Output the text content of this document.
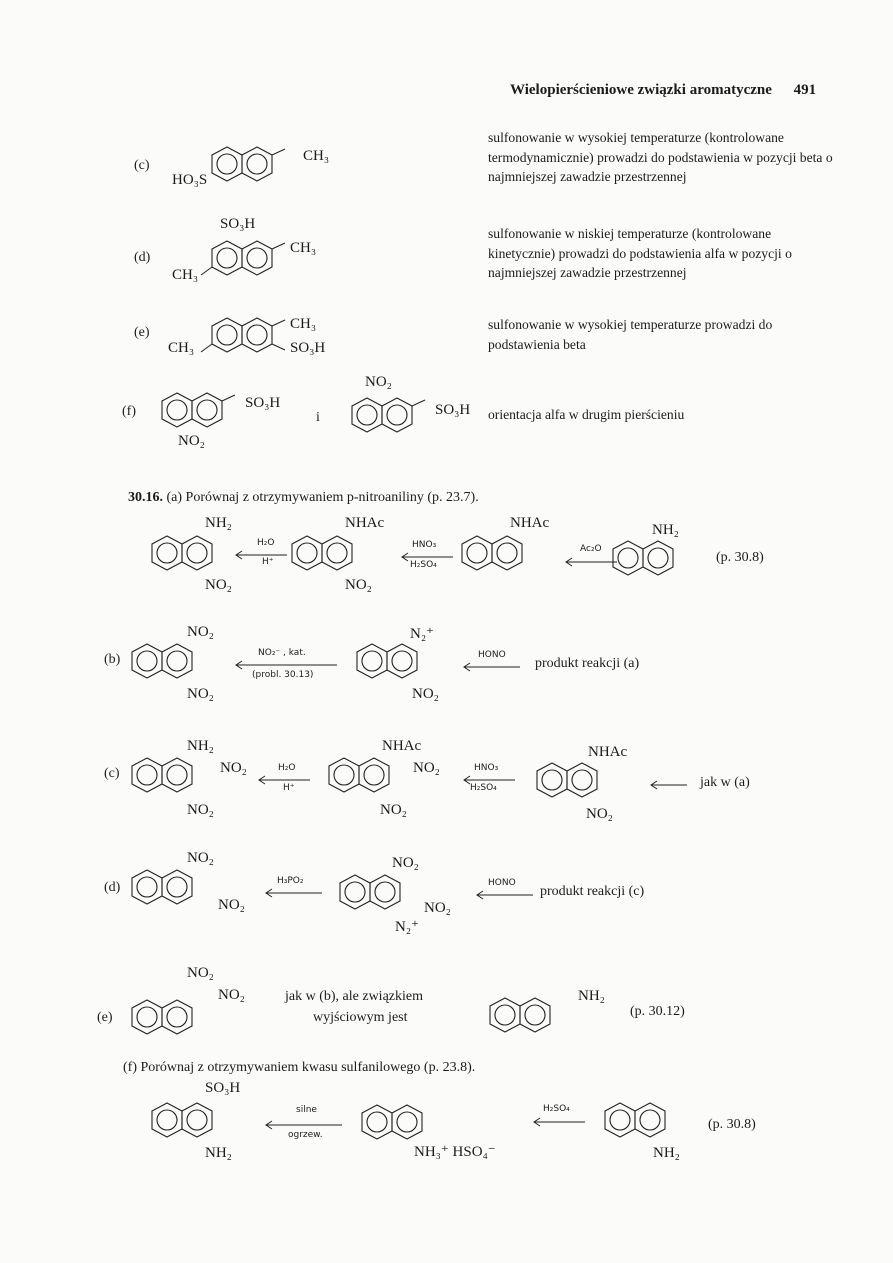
Wielopierścieniowe związki aromatyczne 491
(c)
CH₃
HO₃S
sulfonowanie w wysokiej temperaturze (kontrolowane termodynamicznie) prowadzi do podstawienia w pozycji beta o najmniejszej zawadzie przestrzennej
SO₃H
(d)
CH₃
CH₃
sulfonowanie w niskiej temperaturze (kontrolowane kinetycznie) prowadzi do podstawienia alfa w pozycji o najmniejszej zawadzie przestrzennej
(e)
CH₃
CH₃	SO₃H
sulfonowanie w wysokiej temperaturze prowadzi do podstawienia beta
(f)
SO₃H
NO₂
i
NO₂
SO₃H orientacja alfa w drugim pierścieniu
30.16. (a) Porównaj z otrzymywaniem p-nitroaniliny (p. 23.7).
NH₂
NO₂
H₂O
H⁺
NHAc
NO₂
HNO₃
H₂SO₄
NHAc
Ac₂O
NH₂
(p. 30.8)
(b)
NO₂
NO₂
NO₂⁻ , kat.
(probl. 30.13)
N₂⁺
NO₂
HONO
produkt reakcji (a)
(c)
NH₂
NO₂
NO₂
H₂O
H⁺
NHAc
NO₂
NO₂
HNO₃
H₂SO₄
NHAc
NO₂
jak w (a)
(d)
NO₂
NO₂
H₃PO₂
NO₂
NO₂
N₂⁺
HONO
produkt reakcji (c)
(e)
NO₂
NO₂	jak w (b), ale związkiem
wyjściowym jest
NH₂
(p. 30.12)
(f) Porównaj z otrzymywaniem kwasu sulfanilowego (p. 23.8).
SO₃H
NH₂
silne
ogrzew.
NH₃⁺ HSO₄⁻
H₂SO₄
NH₂
(p. 30.8)
